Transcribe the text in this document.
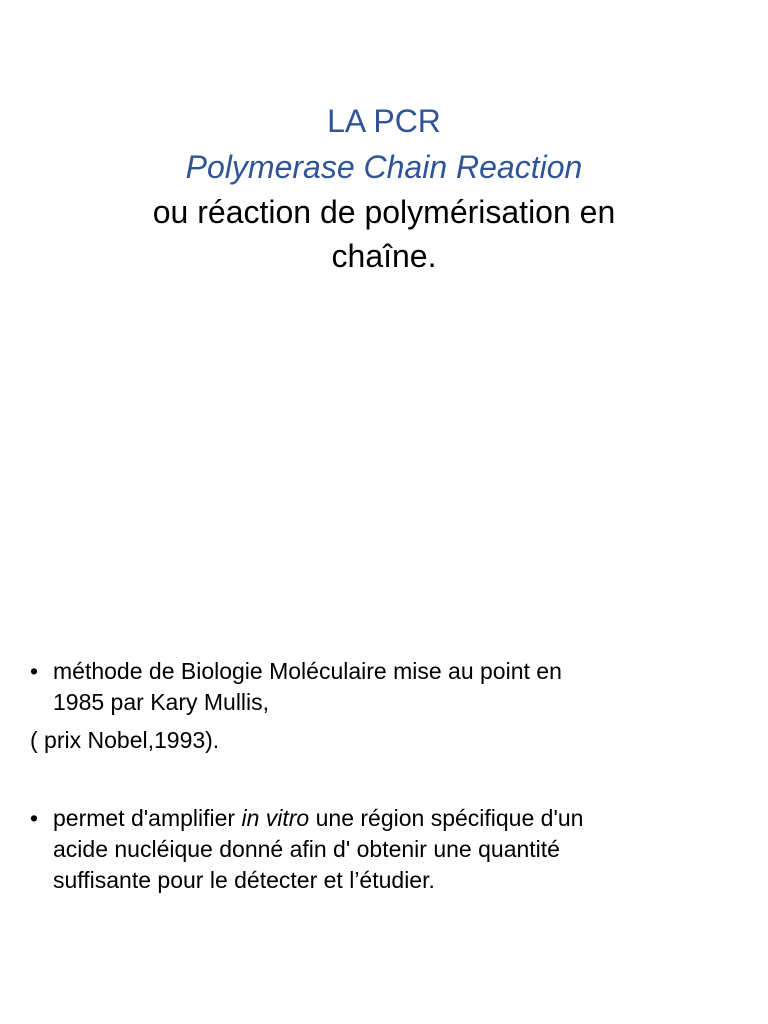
LA PCR
Polymerase Chain Reaction
ou réaction de polymérisation en
chaîne.
• méthode de Biologie Moléculaire mise au point en
1985 par Kary Mullis,
( prix Nobel,1993).
• permet d'amplifier in vitro une région spécifique d'un
acide nucléique donné afin d' obtenir une quantité
suffisante pour le détecter et l’étudier.
